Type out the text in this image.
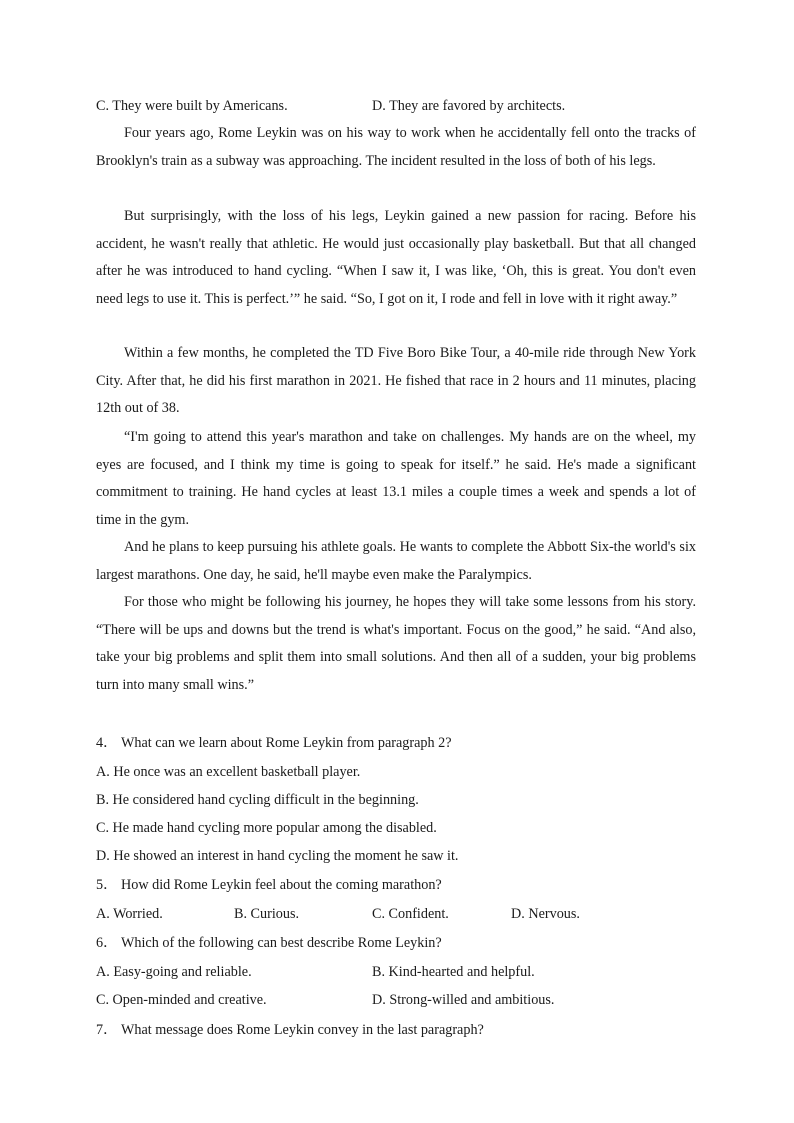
C. They were built by Americans.	D. They are favored by architects.
Four years ago, Rome Leykin was on his way to work when he accidentally fell onto the tracks of Brooklyn's train as a subway was approaching. The incident resulted in the loss of both of his legs.
But surprisingly, with the loss of his legs, Leykin gained a new passion for racing. Before his accident, he wasn't really that athletic. He would just occasionally play basketball. But that all changed after he was introduced to hand cycling. “When I saw it, I was like, ‘Oh, this is great. You don't even need legs to use it. This is perfect.’” he said. “So, I got on it, I rode and fell in love with it right away.”
Within a few months, he completed the TD Five Boro Bike Tour, a 40-mile ride through New York City. After that, he did his first marathon in 2021. He fished that race in 2 hours and 11 minutes, placing 12th out of 38.
“I'm going to attend this year's marathon and take on challenges. My hands are on the wheel, my eyes are focused, and I think my time is going to speak for itself.” he said. He's made a significant commitment to training. He hand cycles at least 13.1 miles a couple times a week and spends a lot of time in the gym.
And he plans to keep pursuing his athlete goals. He wants to complete the Abbott Six-the world's six largest marathons. One day, he said, he'll maybe even make the Paralympics.
For those who might be following his journey, he hopes they will take some lessons from his story. “There will be ups and downs but the trend is what's important. Focus on the good,” he said. “And also, take your big problems and split them into small solutions. And then all of a sudden, your big problems turn into many small wins.”
4． What can we learn about Rome Leykin from paragraph 2?
A. He once was an excellent basketball player.
B. He considered hand cycling difficult in the beginning.
C. He made hand cycling more popular among the disabled.
D. He showed an interest in hand cycling the moment he saw it.
5． How did Rome Leykin feel about the coming marathon?
A. Worried.	B. Curious.	C. Confident.	D. Nervous.
6． Which of the following can best describe Rome Leykin?
A. Easy-going and reliable.	B. Kind-hearted and helpful.
C. Open-minded and creative.	D. Strong-willed and ambitious.
7． What message does Rome Leykin convey in the last paragraph?
